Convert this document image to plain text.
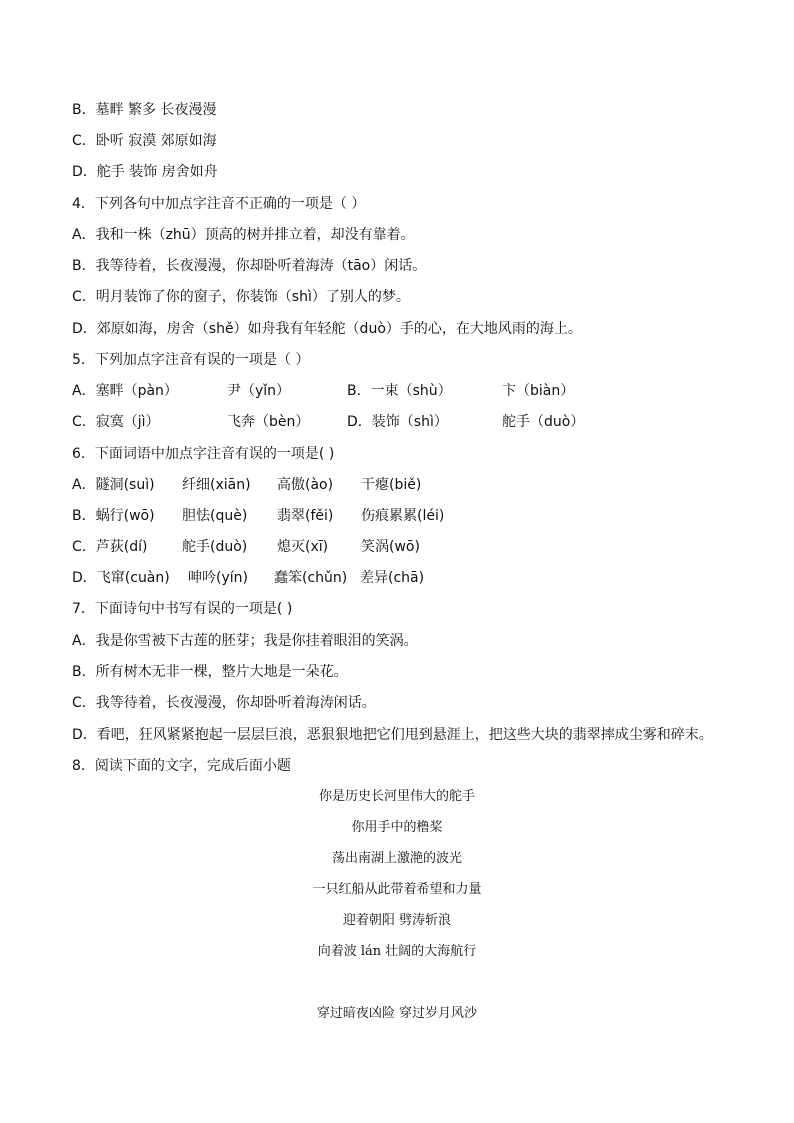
B．墓畔 繁多 长夜漫漫
C．卧听 寂漠 郊原如海
D．舵手 装饰 房舍如舟
4．下列各句中加点字注音不正确的一项是（ ）
A．我和一株（zhū）顶高的树并排立着，却没有靠着。
B．我等待着，长夜漫漫，你却卧听着海涛（tāo）闲话。
C．明月装饰了你的窗子，你装饰（shì）了别人的梦。
D．郊原如海，房舍（shě）如舟我有年轻舵（duò）手的心，在大地风雨的海上。
5．下列加点字注音有误的一项是（ ）
A．塞畔（pàn）	尹（yǐn）	B．一束（shù）	卞（biàn）
C．寂寞（jì）	飞奔（bèn）	D．装饰（shì）	舵手（duò）
6．下面词语中加点字注音有误的一项是( )
A．隧洞(suì) 纤细(xiān) 高傲(ào) 干瘪(biě)
B．蜗行(wō) 胆怯(què) 翡翠(fěi) 伤痕累累(léi)
C．芦荻(dí) 舵手(duò) 熄灭(xī) 笑涡(wō)
D．飞窜(cuàn) 呻吟(yín) 蠢笨(chǔn) 差异(chā)
7．下面诗句中书写有误的一项是( )
A．我是你雪被下古莲的胚芽；我是你挂着眼泪的笑涡。
B．所有树木无非一棵，整片大地是一朵花。
C．我等待着，长夜漫漫，你却卧听着海涛闲话。
D．看吧，狂风紧紧抱起一层层巨浪，恶狠狠地把它们甩到悬涯上，把这些大块的翡翠摔成尘雾和碎末。
8．阅读下面的文字，完成后面小题
你是历史长河里伟大的舵手
你用手中的橹桨
荡出南湖上激滟的波光
一只红船从此带着希望和力量
迎着朝阳 劈涛斩浪
向着波 lán 壮阔的大海航行
穿过暗夜凶险 穿过岁月风沙
